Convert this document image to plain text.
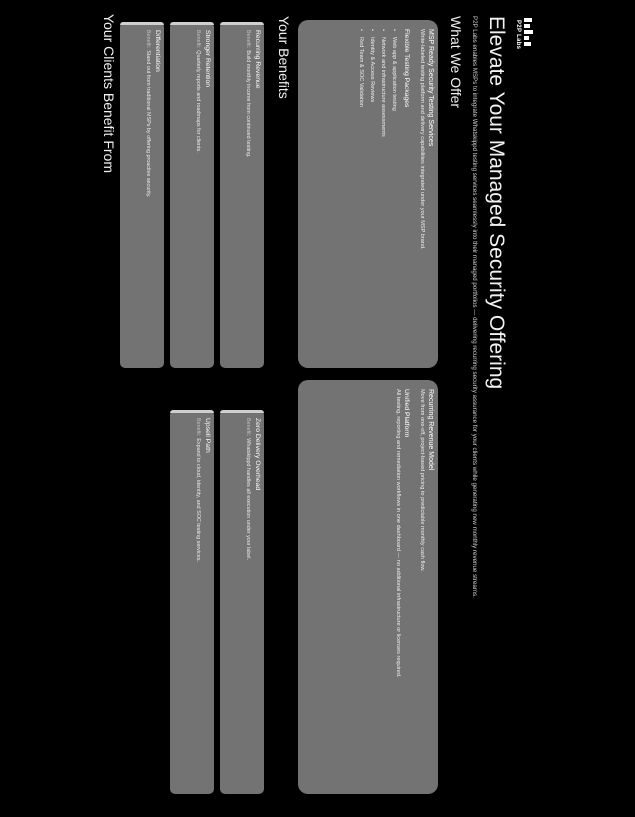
P2P Labs
Elevate Your Managed Security Offering
P2P Labs enables MSPs to integrate Whatskippd testing services seamlessly into their managed portfolios — delivering recurring security assurance for your clients while generating new monthly revenue streams.
What We Offer
MSP Ready Security Testing Services
White-labeled testing platform and delivery capabilities integrated under your MSP brand.
Flexible Testing Packages
• Web app & application testing
• Network and infrastructure assessments
• Identity & Access Reviews
• Red Team & SOC Validation
Recurring Revenue Model
Move from one-off, project-based pricing to predictable monthly cash flow.
Unified Platform
All testing, reporting and remediation workflows in one dashboard — no additional infrastructure or licenses required.
Your Benefits
Recurring Revenue
Benefit:Build monthly income from continued testing.
Stronger Retention
Benefit:Quarterly reports and roadmaps for clients.
Differentiation
Benefit:Stand out from traditional MSPs by offering proactive security.
Zero Delivery Overhead
Benefit:Whatskippd handles all execution under your label.
Upsell Path
Benefit:Expand to cloud, identity, and SOC testing services.
Your Clients Benefit From
